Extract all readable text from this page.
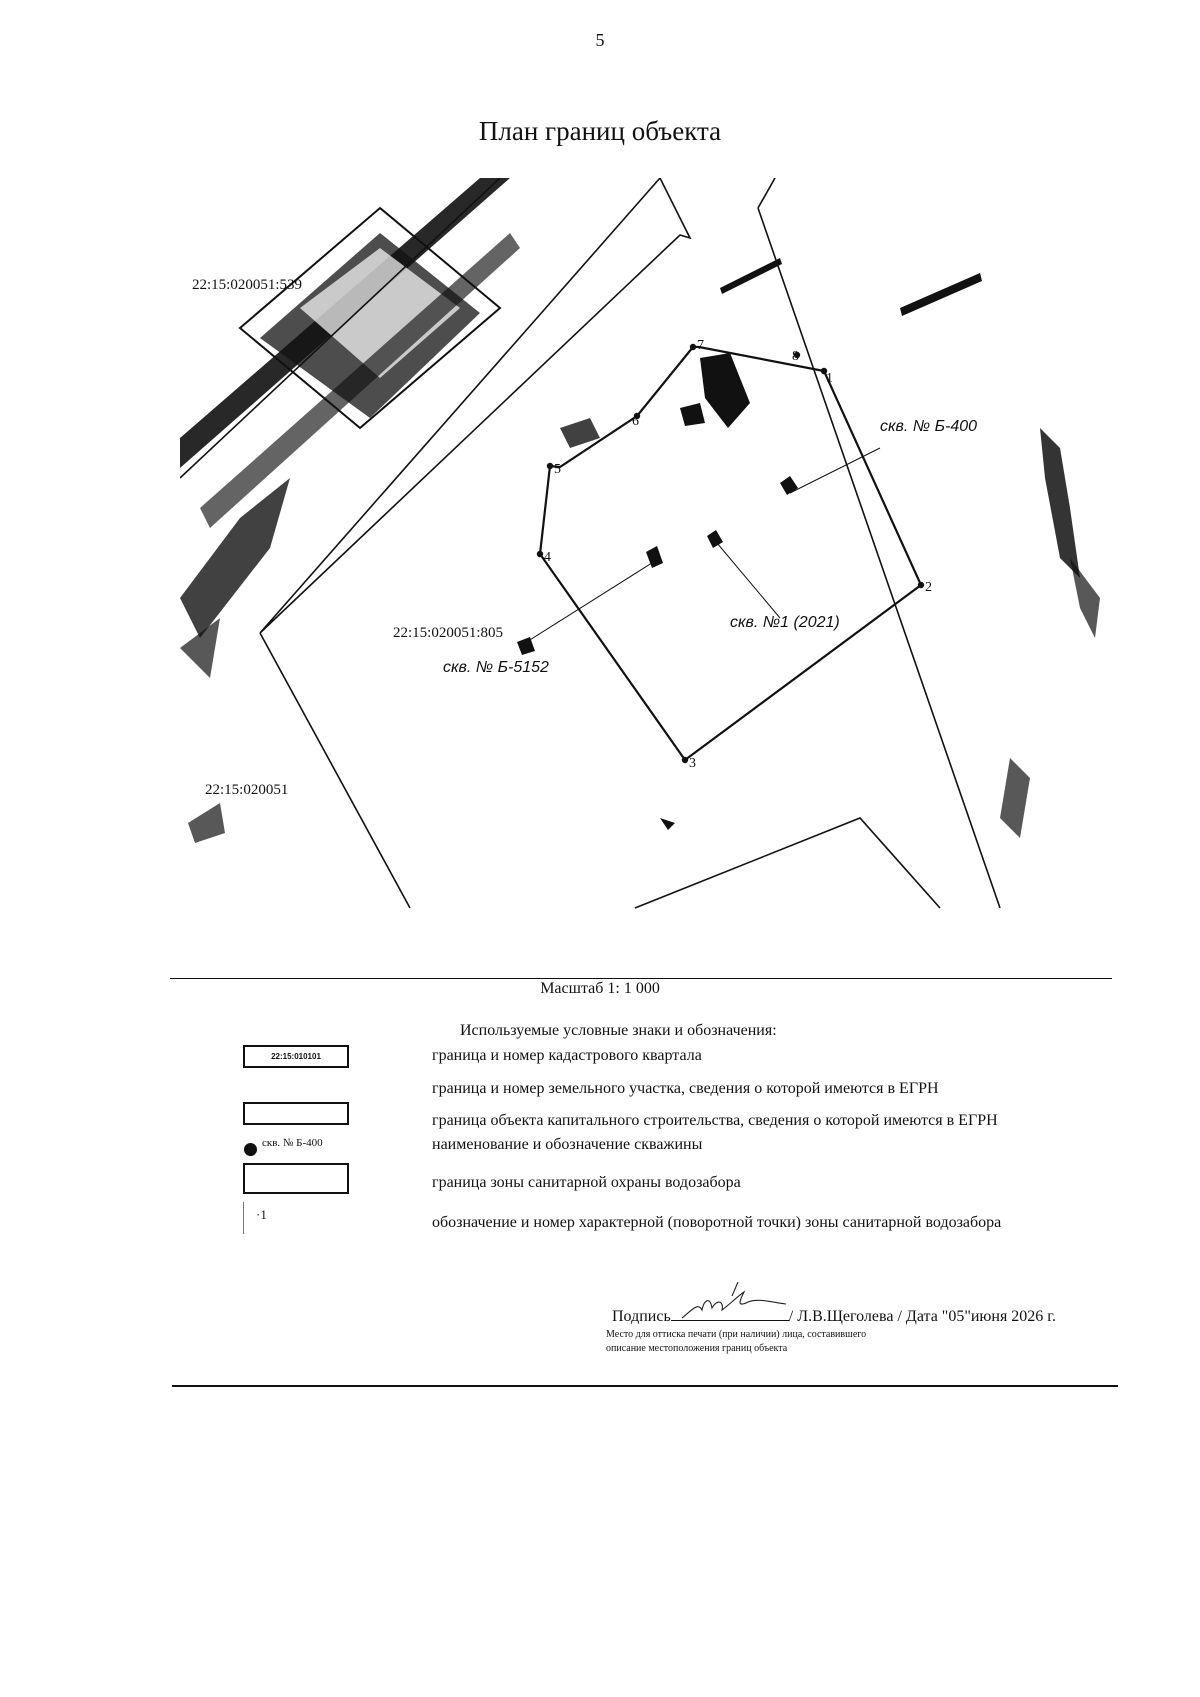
5
План границ объекта
1
2
3
4
5
6
7
8
22:15:020051:539
22:15:020051:805
22:15:020051
скв. № Б-400
скв. №1 (2021)
скв. № Б-5152
Масштаб 1: 1 000
Используемые условные знаки и обозначения:
22:15:010101	граница и номер кадастрового квартала
граница и номер земельного участка, сведения о которой имеются в ЕГРН
граница объекта капитального строительства, сведения о которой имеются в ЕГРН
скв. № Б-400	наименование и обозначение скважины
граница зоны санитарной охраны водозабора
·1	обозначение и номер характерной (поворотной точки) зоны санитарной водозабора
Подпись	/ Л.В.Щеголева / Дата "05"июня 2026 г.
Место для оттиска печати (при наличии) лица, составившего
описание местоположения границ объекта
